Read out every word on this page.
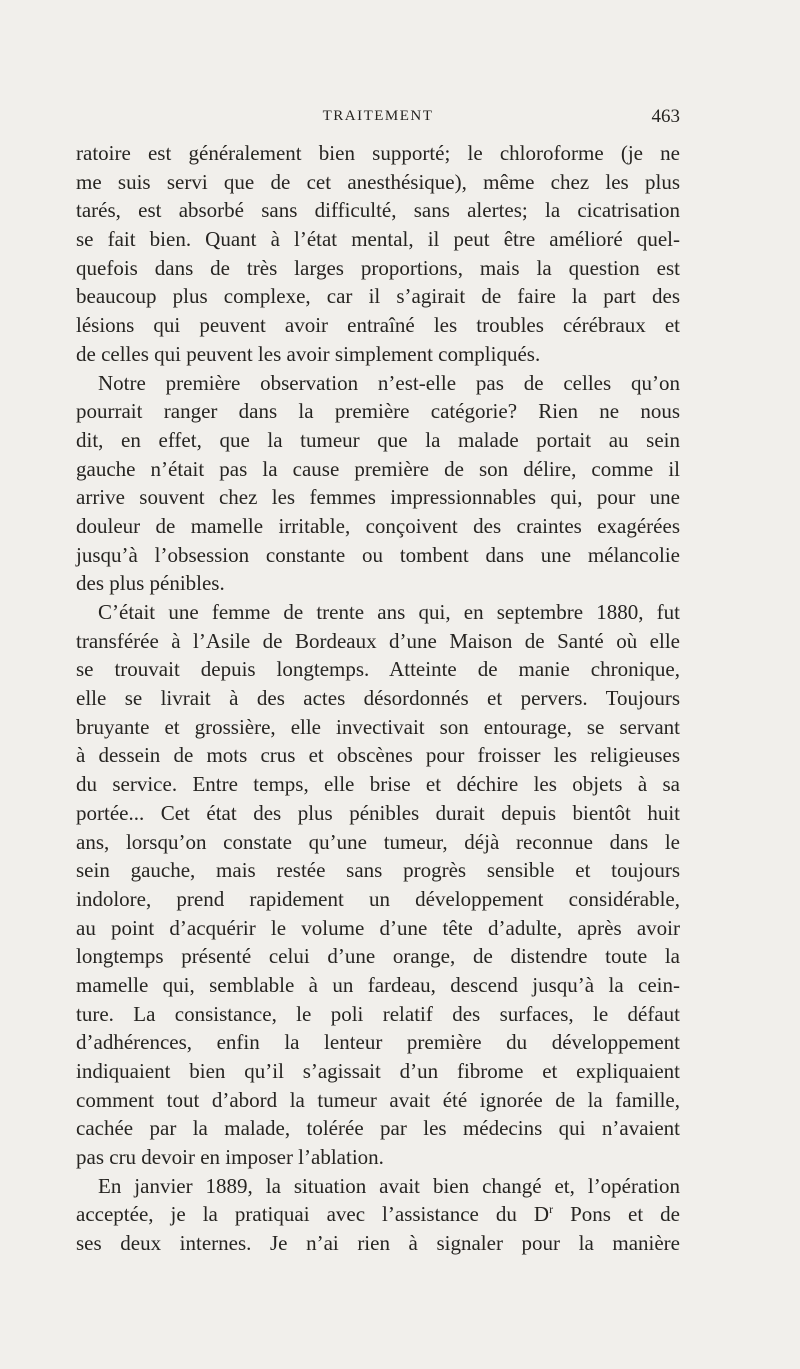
TRAITEMENT	463
ratoire est généralement bien supporté; le chloroforme (je ne
me suis servi que de cet anesthésique), même chez les plus
tarés, est absorbé sans difficulté, sans alertes; la cicatrisation
se fait bien. Quant à l’état mental, il peut être amélioré quel-
quefois dans de très larges proportions, mais la question est
beaucoup plus complexe, car il s’agirait de faire la part des
lésions qui peuvent avoir entraîné les troubles cérébraux et
de celles qui peuvent les avoir simplement compliqués.
Notre première observation n’est-elle pas de celles qu’on
pourrait ranger dans la première catégorie? Rien ne nous
dit, en effet, que la tumeur que la malade portait au sein
gauche n’était pas la cause première de son délire, comme il
arrive souvent chez les femmes impressionnables qui, pour une
douleur de mamelle irritable, conçoivent des craintes exagérées
jusqu’à l’obsession constante ou tombent dans une mélancolie
des plus pénibles.
C’était une femme de trente ans qui, en septembre 1880, fut
transférée à l’Asile de Bordeaux d’une Maison de Santé où elle
se trouvait depuis longtemps. Atteinte de manie chronique,
elle se livrait à des actes désordonnés et pervers. Toujours
bruyante et grossière, elle invectivait son entourage, se servant
à dessein de mots crus et obscènes pour froisser les religieuses
du service. Entre temps, elle brise et déchire les objets à sa
portée... Cet état des plus pénibles durait depuis bientôt huit
ans, lorsqu’on constate qu’une tumeur, déjà reconnue dans le
sein gauche, mais restée sans progrès sensible et toujours
indolore, prend rapidement un développement considérable,
au point d’acquérir le volume d’une tête d’adulte, après avoir
longtemps présenté celui d’une orange, de distendre toute la
mamelle qui, semblable à un fardeau, descend jusqu’à la cein-
ture. La consistance, le poli relatif des surfaces, le défaut
d’adhérences, enfin la lenteur première du développement
indiquaient bien qu’il s’agissait d’un fibrome et expliquaient
comment tout d’abord la tumeur avait été ignorée de la famille,
cachée par la malade, tolérée par les médecins qui n’avaient
pas cru devoir en imposer l’ablation.
En janvier 1889, la situation avait bien changé et, l’opération
acceptée, je la pratiquai avec l’assistance du $D^r$ Pons et de
ses deux internes. Je n’ai rien à signaler pour la manière
